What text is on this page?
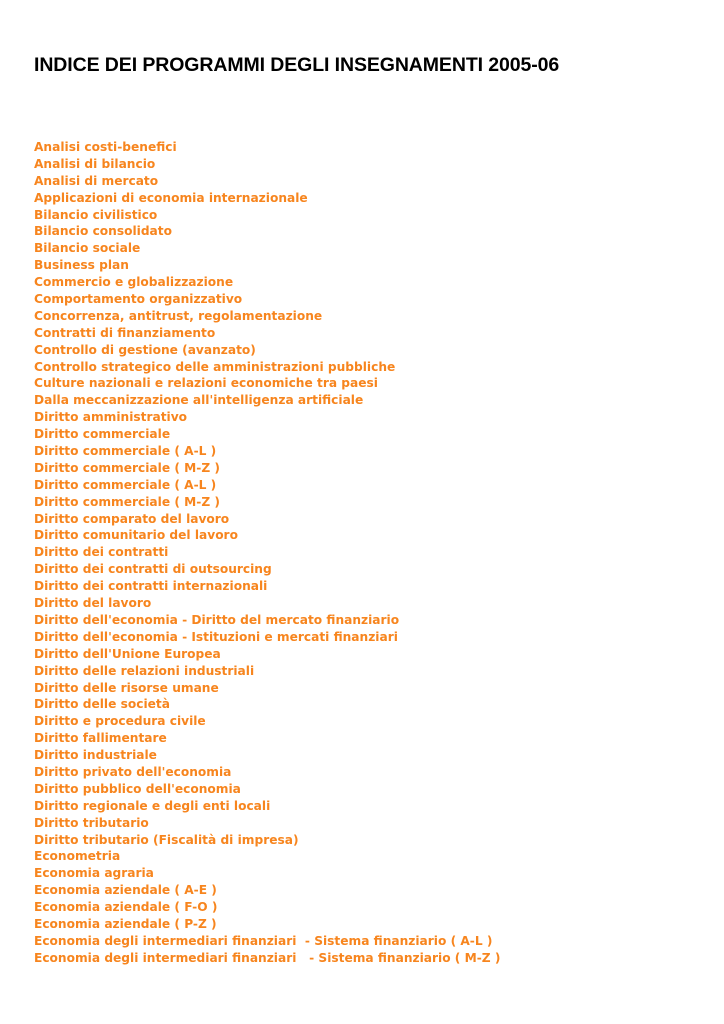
INDICE DEI PROGRAMMI DEGLI INSEGNAMENTI 2005-06
Analisi costi-benefici
Analisi di bilancio
Analisi di mercato
Applicazioni di economia internazionale
Bilancio civilistico
Bilancio consolidato
Bilancio sociale
Business plan
Commercio e globalizzazione
Comportamento organizzativo
Concorrenza, antitrust, regolamentazione
Contratti di finanziamento
Controllo di gestione (avanzato)
Controllo strategico delle amministrazioni pubbliche
Culture nazionali e relazioni economiche tra paesi
Dalla meccanizzazione all'intelligenza artificiale
Diritto amministrativo
Diritto commerciale
Diritto commerciale ( A-L )
Diritto commerciale ( M-Z )
Diritto commerciale ( A-L )
Diritto commerciale ( M-Z )
Diritto comparato del lavoro
Diritto comunitario del lavoro
Diritto dei contratti
Diritto dei contratti di outsourcing
Diritto dei contratti internazionali
Diritto del lavoro
Diritto dell'economia - Diritto del mercato finanziario
Diritto dell'economia - Istituzioni e mercati finanziari
Diritto dell'Unione Europea
Diritto delle relazioni industriali
Diritto delle risorse umane
Diritto delle società
Diritto e procedura civile
Diritto fallimentare
Diritto industriale
Diritto privato dell'economia
Diritto pubblico dell'economia
Diritto regionale e degli enti locali
Diritto tributario
Diritto tributario (Fiscalità di impresa)
Econometria
Economia agraria
Economia aziendale ( A-E )
Economia aziendale ( F-O )
Economia aziendale ( P-Z )
Economia degli intermediari finanziari  - Sistema finanziario ( A-L )
Economia degli intermediari finanziari   - Sistema finanziario ( M-Z )
